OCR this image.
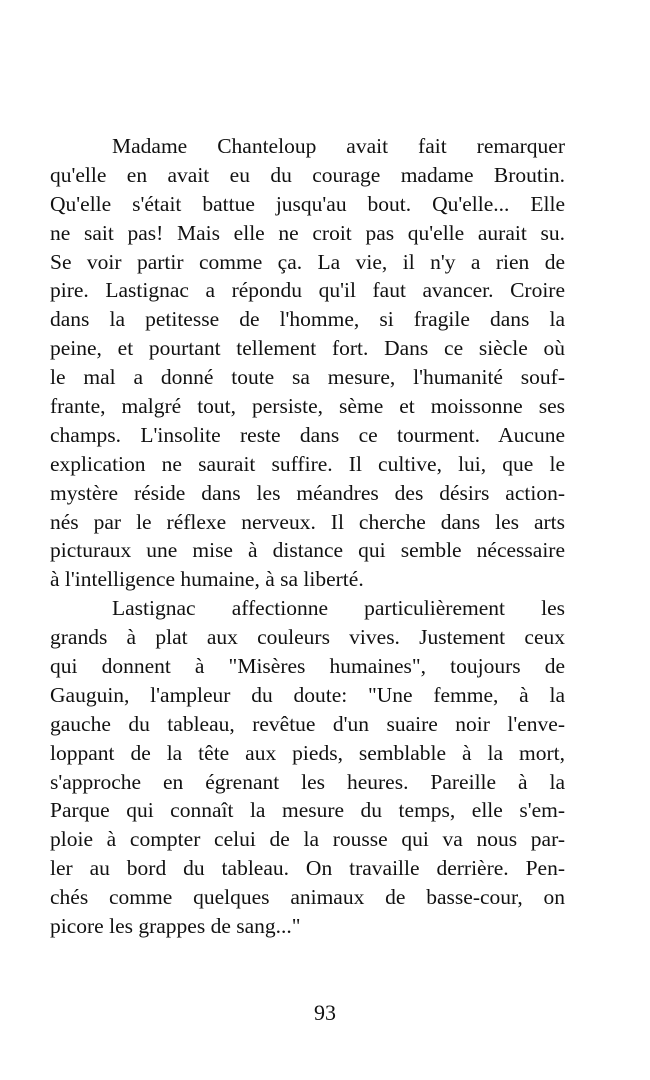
Madame Chanteloup avait fait remarquer
qu'elle en avait eu du courage madame Broutin.
Qu'elle s'était battue jusqu'au bout. Qu'elle... Elle
ne sait pas! Mais elle ne croit pas qu'elle aurait su.
Se voir partir comme ça. La vie, il n'y a rien de
pire. Lastignac a répondu qu'il faut avancer. Croire
dans la petitesse de l'homme, si fragile dans la
peine, et pourtant tellement fort. Dans ce siècle où
le mal a donné toute sa mesure, l'humanité souf-
frante, malgré tout, persiste, sème et moissonne ses
champs. L'insolite reste dans ce tourment. Aucune
explication ne saurait suffire. Il cultive, lui, que le
mystère réside dans les méandres des désirs action-
nés par le réflexe nerveux. Il cherche dans les arts
picturaux une mise à distance qui semble nécessaire
à l'intelligence humaine, à sa liberté.
Lastignac affectionne particulièrement les
grands à plat aux couleurs vives. Justement ceux
qui donnent à "Misères humaines", toujours de
Gauguin, l'ampleur du doute: "Une femme, à la
gauche du tableau, revêtue d'un suaire noir l'enve-
loppant de la tête aux pieds, semblable à la mort,
s'approche en égrenant les heures. Pareille à la
Parque qui connaît la mesure du temps, elle s'em-
ploie à compter celui de la rousse qui va nous par-
ler au bord du tableau. On travaille derrière. Pen-
chés comme quelques animaux de basse-cour, on
picore les grappes de sang..."
93
